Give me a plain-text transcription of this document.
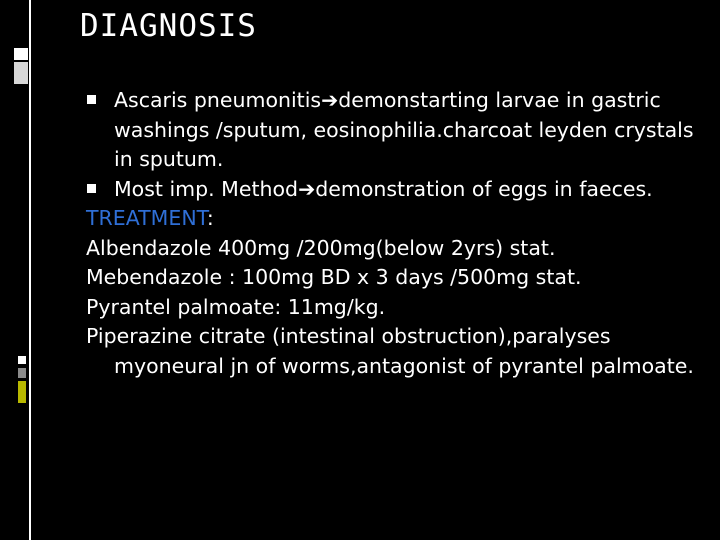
DIAGNOSIS
Ascaris pneumonitis➔demonstarting larvae in gastric washings /sputum, eosinophilia.charcoat leyden crystals in sputum.
Most imp. Method➔demonstration of eggs in faeces.
TREATMENT:
Albendazole 400mg /200mg(below 2yrs) stat.
Mebendazole : 100mg BD x 3 days /500mg stat.
Pyrantel palmoate: 11mg/kg.
Piperazine citrate (intestinal obstruction),paralyses myoneural jn of worms,antagonist of pyrantel palmoate.
